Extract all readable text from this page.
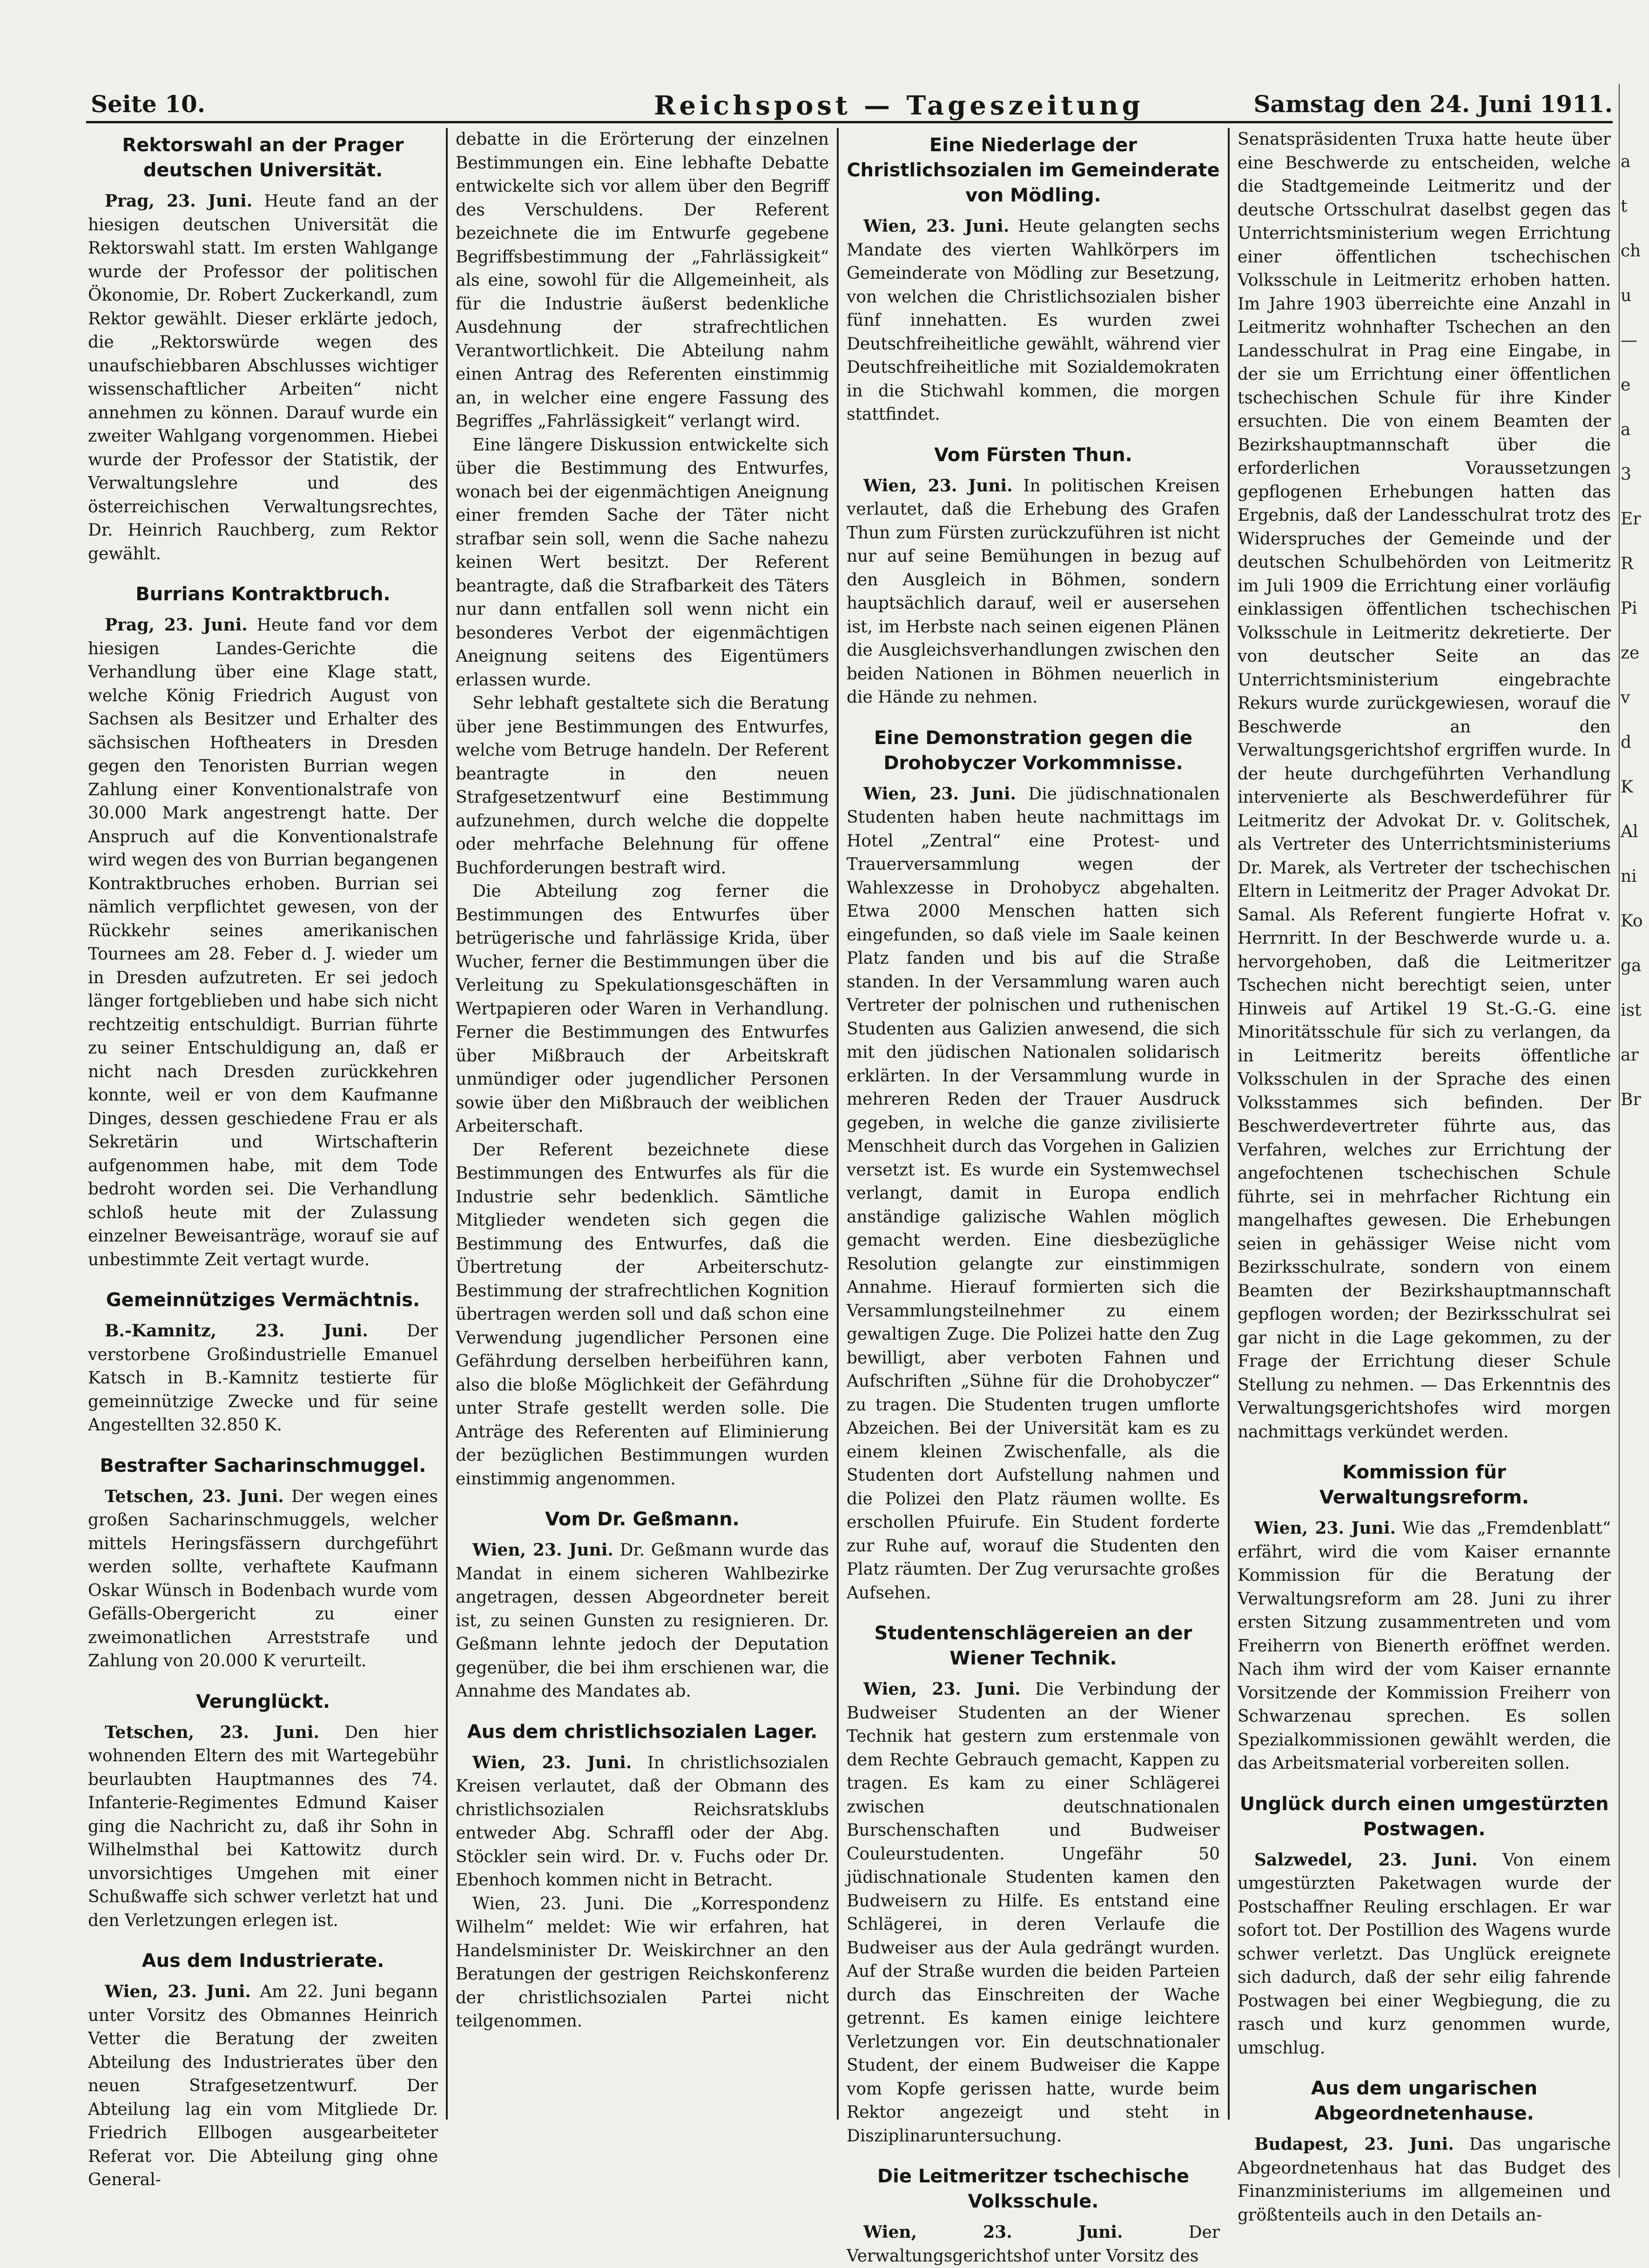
Seite 10.	Reichspost — Tageszeitung	Samstag den 24. Juni 1911.
Rektorswahl an der Prager deutschen Universität.

Prag, 23. Juni. Heute fand an der hiesigen deutschen Universität die Rektorswahl statt. Im ersten Wahlgange wurde der Professor der politischen Ökonomie, Dr. Robert Zuckerkandl, zum Rektor gewählt. Dieser erklärte jedoch, die „Rektorswürde wegen des unaufschiebbaren Abschlusses wichtiger wissenschaftlicher Arbeiten“ nicht annehmen zu können. Darauf wurde ein zweiter Wahlgang vorgenommen. Hiebei wurde der Professor der Statistik, der Verwaltungslehre und des österreichischen Verwaltungsrechtes, Dr. Heinrich Rauchberg, zum Rektor gewählt.

Burrians Kontraktbruch.

Prag, 23. Juni. Heute fand vor dem hiesigen Landes-Gerichte die Verhandlung über eine Klage statt, welche König Friedrich August von Sachsen als Besitzer und Erhalter des sächsischen Hoftheaters in Dresden gegen den Tenoristen Burrian wegen Zahlung einer Konventionalstrafe von 30.000 Mark angestrengt hatte. Der Anspruch auf die Konventionalstrafe wird wegen des von Burrian begangenen Kontraktbruches erhoben. Burrian sei nämlich verpflichtet gewesen, von der Rückkehr seines amerikanischen Tournees am 28. Feber d. J. wieder um in Dresden aufzutreten. Er sei jedoch länger fortgeblieben und habe sich nicht rechtzeitig entschuldigt. Burrian führte zu seiner Entschuldigung an, daß er nicht nach Dresden zurückkehren konnte, weil er von dem Kaufmanne Dinges, dessen geschiedene Frau er als Sekretärin und Wirtschafterin aufgenommen habe, mit dem Tode bedroht worden sei. Die Verhandlung schloß heute mit der Zulassung einzelner Beweisanträge, worauf sie auf unbestimmte Zeit vertagt wurde.

Gemeinnütziges Vermächtnis.

B.-Kamnitz, 23. Juni. Der verstorbene Großindustrielle Emanuel Katsch in B.-Kamnitz testierte für gemeinnützige Zwecke und für seine Angestellten 32.850 K.

Bestrafter Sacharinschmuggel.

Tetschen, 23. Juni. Der wegen eines großen Sacharinschmuggels, welcher mittels Heringsfässern durchgeführt werden sollte, verhaftete Kaufmann Oskar Wünsch in Bodenbach wurde vom Gefälls-Obergericht zu einer zweimonatlichen Arreststrafe und Zahlung von 20.000 K verurteilt.

Verunglückt.

Tetschen, 23. Juni. Den hier wohnenden Eltern des mit Wartegebühr beurlaubten Hauptmannes des 74. Infanterie-Regimentes Edmund Kaiser ging die Nachricht zu, daß ihr Sohn in Wilhelmsthal bei Kattowitz durch unvorsichtiges Umgehen mit einer Schußwaffe sich schwer verletzt hat und den Verletzungen erlegen ist.

Aus dem Industrierate.

Wien, 23. Juni. Am 22. Juni begann unter Vorsitz des Obmannes Heinrich Vetter die Beratung der zweiten Abteilung des Industrierates über den neuen Strafgesetzentwurf. Der Abteilung lag ein vom Mitgliede Dr. Friedrich Ellbogen ausgearbeiteter Referat vor. Die Abteilung ging ohne General-

debatte in die Erörterung der einzelnen Bestimmungen ein. Eine lebhafte Debatte entwickelte sich vor allem über den Begriff des Verschuldens. Der Referent bezeichnete die im Entwurfe gegebene Begriffsbestimmung der „Fahrlässigkeit“ als eine, sowohl für die Allgemeinheit, als für die Industrie äußerst bedenkliche Ausdehnung der strafrechtlichen Verantwortlichkeit. Die Abteilung nahm einen Antrag des Referenten einstimmig an, in welcher eine engere Fassung des Begriffes „Fahrlässigkeit“ verlangt wird.

Eine längere Diskussion entwickelte sich über die Bestimmung des Entwurfes, wonach bei der eigenmächtigen Aneignung einer fremden Sache der Täter nicht strafbar sein soll, wenn die Sache nahezu keinen Wert besitzt. Der Referent beantragte, daß die Strafbarkeit des Täters nur dann entfallen soll wenn nicht ein besonderes Verbot der eigenmächtigen Aneignung seitens des Eigentümers erlassen wurde.

Sehr lebhaft gestaltete sich die Beratung über jene Bestimmungen des Entwurfes, welche vom Betruge handeln. Der Referent beantragte in den neuen Strafgesetzentwurf eine Bestimmung aufzunehmen, durch welche die doppelte oder mehrfache Belehnung für offene Buchforderungen bestraft wird.

Die Abteilung zog ferner die Bestimmungen des Entwurfes über betrügerische und fahrlässige Krida, über Wucher, ferner die Bestimmungen über die Verleitung zu Spekulationsgeschäften in Wertpapieren oder Waren in Verhandlung. Ferner die Bestimmungen des Entwurfes über Mißbrauch der Arbeitskraft unmündiger oder jugendlicher Personen sowie über den Mißbrauch der weiblichen Arbeiterschaft.

Der Referent bezeichnete diese Bestimmungen des Entwurfes als für die Industrie sehr bedenklich. Sämtliche Mitglieder wendeten sich gegen die Bestimmung des Entwurfes, daß die Übertretung der Arbeiterschutz-Bestimmung der strafrechtlichen Kognition übertragen werden soll und daß schon eine Verwendung jugendlicher Personen eine Gefährdung derselben herbeiführen kann, also die bloße Möglichkeit der Gefährdung unter Strafe gestellt werden solle. Die Anträge des Referenten auf Eliminierung der bezüglichen Bestimmungen wurden einstimmig angenommen.

Vom Dr. Geßmann.

Wien, 23. Juni. Dr. Geßmann wurde das Mandat in einem sicheren Wahlbezirke angetragen, dessen Abgeordneter bereit ist, zu seinen Gunsten zu resignieren. Dr. Geßmann lehnte jedoch der Deputation gegenüber, die bei ihm erschienen war, die Annahme des Mandates ab.

Aus dem christlichsozialen Lager.

Wien, 23. Juni. In christlichsozialen Kreisen verlautet, daß der Obmann des christlichsozialen Reichsratsklubs entweder Abg. Schraffl oder der Abg. Stöckler sein wird. Dr. v. Fuchs oder Dr. Ebenhoch kommen nicht in Betracht.

Wien, 23. Juni. Die „Korrespondenz Wilhelm“ meldet: Wie wir erfahren, hat Handelsminister Dr. Weiskirchner an den Beratungen der gestrigen Reichskonferenz der christlichsozialen Partei nicht teilgenommen.

Eine Niederlage der Christlichsozialen im Gemeinderate von Mödling.

Wien, 23. Juni. Heute gelangten sechs Mandate des vierten Wahlkörpers im Gemeinderate von Mödling zur Besetzung, von welchen die Christlichsozialen bisher fünf innehatten. Es wurden zwei Deutschfreiheitliche gewählt, während vier Deutschfreiheitliche mit Sozialdemokraten in die Stichwahl kommen, die morgen stattfindet.

Vom Fürsten Thun.

Wien, 23. Juni. In politischen Kreisen verlautet, daß die Erhebung des Grafen Thun zum Fürsten zurückzuführen ist nicht nur auf seine Bemühungen in bezug auf den Ausgleich in Böhmen, sondern hauptsächlich darauf, weil er ausersehen ist, im Herbste nach seinen eigenen Plänen die Ausgleichsverhandlungen zwischen den beiden Nationen in Böhmen neuerlich in die Hände zu nehmen.

Eine Demonstration gegen die Drohobyczer Vorkommnisse.

Wien, 23. Juni. Die jüdischnationalen Studenten haben heute nachmittags im Hotel „Zentral“ eine Protest- und Trauerversammlung wegen der Wahlexzesse in Drohobycz abgehalten. Etwa 2000 Menschen hatten sich eingefunden, so daß viele im Saale keinen Platz fanden und bis auf die Straße standen. In der Versammlung waren auch Vertreter der polnischen und ruthenischen Studenten aus Galizien anwesend, die sich mit den jüdischen Nationalen solidarisch erklärten. In der Versammlung wurde in mehreren Reden der Trauer Ausdruck gegeben, in welche die ganze zivilisierte Menschheit durch das Vorgehen in Galizien versetzt ist. Es wurde ein Systemwechsel verlangt, damit in Europa endlich anständige galizische Wahlen möglich gemacht werden. Eine diesbezügliche Resolution gelangte zur einstimmigen Annahme. Hierauf formierten sich die Versammlungsteilnehmer zu einem gewaltigen Zuge. Die Polizei hatte den Zug bewilligt, aber verboten Fahnen und Aufschriften „Sühne für die Drohobyczer“ zu tragen. Die Studenten trugen umflorte Abzeichen. Bei der Universität kam es zu einem kleinen Zwischenfalle, als die Studenten dort Aufstellung nahmen und die Polizei den Platz räumen wollte. Es erschollen Pfuirufe. Ein Student forderte zur Ruhe auf, worauf die Studenten den Platz räumten. Der Zug verursachte großes Aufsehen.

Studentenschlägereien an der Wiener Technik.

Wien, 23. Juni. Die Verbindung der Budweiser Studenten an der Wiener Technik hat gestern zum erstenmale von dem Rechte Gebrauch gemacht, Kappen zu tragen. Es kam zu einer Schlägerei zwischen deutschnationalen Burschenschaften und Budweiser Couleurstudenten. Ungefähr 50 jüdischnationale Studenten kamen den Budweisern zu Hilfe. Es entstand eine Schlägerei, in deren Verlaufe die Budweiser aus der Aula gedrängt wurden. Auf der Straße wurden die beiden Parteien durch das Einschreiten der Wache getrennt. Es kamen einige leichtere Verletzungen vor. Ein deutschnationaler Student, der einem Budweiser die Kappe vom Kopfe gerissen hatte, wurde beim Rektor angezeigt und steht in Disziplinaruntersuchung.

Die Leitmeritzer tschechische Volksschule.

Wien, 23. Juni.	Der Verwaltungsgerichtshof unter Vorsitz des

Senatspräsidenten Truxa hatte heute über eine Beschwerde zu entscheiden, welche die Stadtgemeinde Leitmeritz und der deutsche Ortsschulrat daselbst gegen das Unterrichtsministerium wegen Errichtung einer öffentlichen tschechischen Volksschule in Leitmeritz erhoben hatten. Im Jahre 1903 überreichte eine Anzahl in Leitmeritz wohnhafter Tschechen an den Landesschulrat in Prag eine Eingabe, in der sie um Errichtung einer öffentlichen tschechischen Schule für ihre Kinder ersuchten. Die von einem Beamten der Bezirkshauptmannschaft über die erforderlichen Voraussetzungen gepflogenen Erhebungen hatten das Ergebnis, daß der Landesschulrat trotz des Widerspruches der Gemeinde und der deutschen Schulbehörden von Leitmeritz im Juli 1909 die Errichtung einer vorläufig einklassigen öffentlichen tschechischen Volksschule in Leitmeritz dekretierte. Der von deutscher Seite an das Unterrichtsministerium eingebrachte Rekurs wurde zurückgewiesen, worauf die Beschwerde an den Verwaltungsgerichtshof ergriffen wurde. In der heute durchgeführten Verhandlung intervenierte als Beschwerdeführer für Leitmeritz der Advokat Dr. v. Golitschek, als Vertreter des Unterrichtsministeriums Dr. Marek, als Vertreter der tschechischen Eltern in Leitmeritz der Prager Advokat Dr. Samal. Als Referent fungierte Hofrat v. Herrnritt. In der Beschwerde wurde u. a. hervorgehoben, daß die Leitmeritzer Tschechen nicht berechtigt seien, unter Hinweis auf Artikel 19 St.-G.-G. eine Minoritätsschule für sich zu verlangen, da in Leitmeritz bereits öffentliche Volksschulen in der Sprache des einen Volksstammes sich befinden. Der Beschwerdevertreter führte aus, das Verfahren, welches zur Errichtung der angefochtenen tschechischen Schule führte, sei in mehrfacher Richtung ein mangelhaftes gewesen. Die Erhebungen seien in gehässiger Weise nicht vom Bezirksschulrate, sondern von einem Beamten der Bezirkshauptmannschaft gepflogen worden; der Bezirksschulrat sei gar nicht in die Lage gekommen, zu der Frage der Errichtung dieser Schule Stellung zu nehmen. — Das Erkenntnis des Verwaltungsgerichtshofes wird morgen nachmittags verkündet werden.

Kommission für Verwaltungsreform.

Wien, 23. Juni. Wie das „Fremdenblatt“ erfährt, wird die vom Kaiser ernannte Kommission für die Beratung der Verwaltungsreform am 28. Juni zu ihrer ersten Sitzung zusammentreten und vom Freiherrn von Bienerth eröffnet werden. Nach ihm wird der vom Kaiser ernannte Vorsitzende der Kommission Freiherr von Schwarzenau sprechen. Es sollen Spezialkommissionen gewählt werden, die das Arbeitsmaterial vorbereiten sollen.

Unglück durch einen umgestürzten Postwagen.

Salzwedel, 23. Juni. Von einem umgestürzten Paketwagen wurde der Postschaffner Reuling erschlagen. Er war sofort tot. Der Postillion des Wagens wurde schwer verletzt. Das Unglück ereignete sich dadurch, daß der sehr eilig fahrende Postwagen bei einer Wegbiegung, die zu rasch und kurz genommen wurde, umschlug.

Aus dem ungarischen Abgeordnetenhause.

Budapest, 23. Juni. Das ungarische Abgeordnetenhaus hat das Budget des Finanzministeriums im allgemeinen und größtenteils auch in den Details an-

a
t
ch
u
—
e
a
3
Er
R
Pi
ze
v
d
K
Al
ni
Ko
ga
ist
ar
Br
